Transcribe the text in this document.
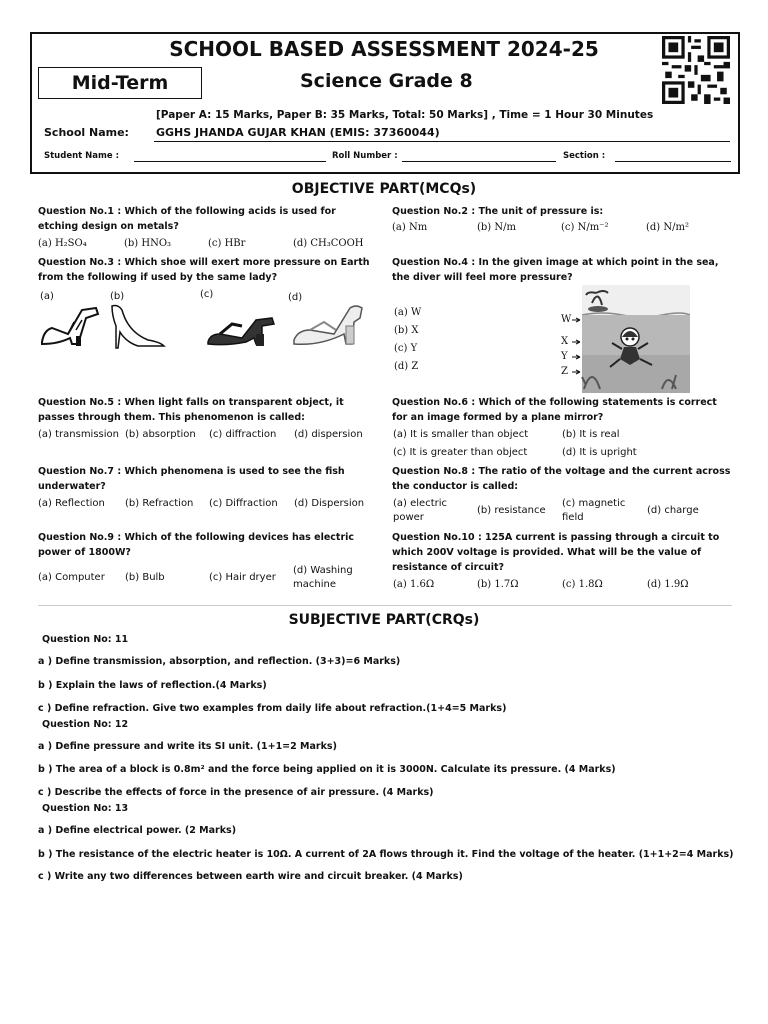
SCHOOL BASED ASSESSMENT 2024-25
Mid-Term	Science Grade 8
[Paper A: 15 Marks, Paper B: 35 Marks, Total: 50 Marks] , Time = 1 Hour 30 Minutes
School Name: GGHS JHANDA GUJAR KHAN (EMIS: 37360044)
Student Name :	Roll Number :	Section :
OBJECTIVE PART(MCQs)
Question No.1 : Which of the following acids is used for etching design on metals?
(a) H₂SO₄	(b) HNO₃	(c) HBr	(d) CH₃COOH
Question No.2 : The unit of pressure is:
(a) Nm	(b) N/m	(c) N/m⁻²	(d) N/m²
Question No.3 : Which shoe will exert more pressure on Earth from the following if used by the same lady?
(a)	(b)	(c)	(d)
Question No.4 : In the given image at which point in the sea, the diver will feel more pressure?
(a) W
(b) X
(c) Y
(d) Z
W
X
Y
Z
Question No.5 : When light falls on transparent object, it passes through them. This phenomenon is called:
(a) transmission (b) absorption (c) diffraction (d) dispersion
Question No.6 : Which of the following statements is correct for an image formed by a plane mirror?
(a) It is smaller than object	(b) It is real
(c) It is greater than object	(d) It is upright
Question No.7 : Which phenomena is used to see the fish underwater?
(a) Reflection (b) Refraction (c) Diffraction (d) Dispersion
Question No.8 : The ratio of the voltage and the current across the conductor is called:
(a) electric power
(b) resistance
(c) magnetic field
(d) charge
Question No.9 : Which of the following devices has electric power of 1800W?
(a) Computer (b) Bulb	(c) Hair dryer
(d) Washing machine
Question No.10 : 125A current is passing through a circuit to which 200V voltage is provided. What will be the value of resistance of circuit?
(a) 1.6Ω	(b) 1.7Ω	(c) 1.8Ω	(d) 1.9Ω
SUBJECTIVE PART(CRQs)
Question No: 11
a ) Define transmission, absorption, and reflection. (3+3)=6 Marks)
b ) Explain the laws of reflection.(4 Marks)
c ) Define refraction. Give two examples from daily life about refraction.(1+4=5 Marks)
Question No: 12
a ) Define pressure and write its SI unit. (1+1=2 Marks)
b ) The area of a block is 0.8m² and the force being applied on it is 3000N. Calculate its pressure. (4 Marks)
c ) Describe the effects of force in the presence of air pressure. (4 Marks)
Question No: 13
a ) Define electrical power. (2 Marks)
b ) The resistance of the electric heater is 10Ω. A current of 2A flows through it. Find the voltage of the heater. (1+1+2=4 Marks)
c ) Write any two differences between earth wire and circuit breaker. (4 Marks)
